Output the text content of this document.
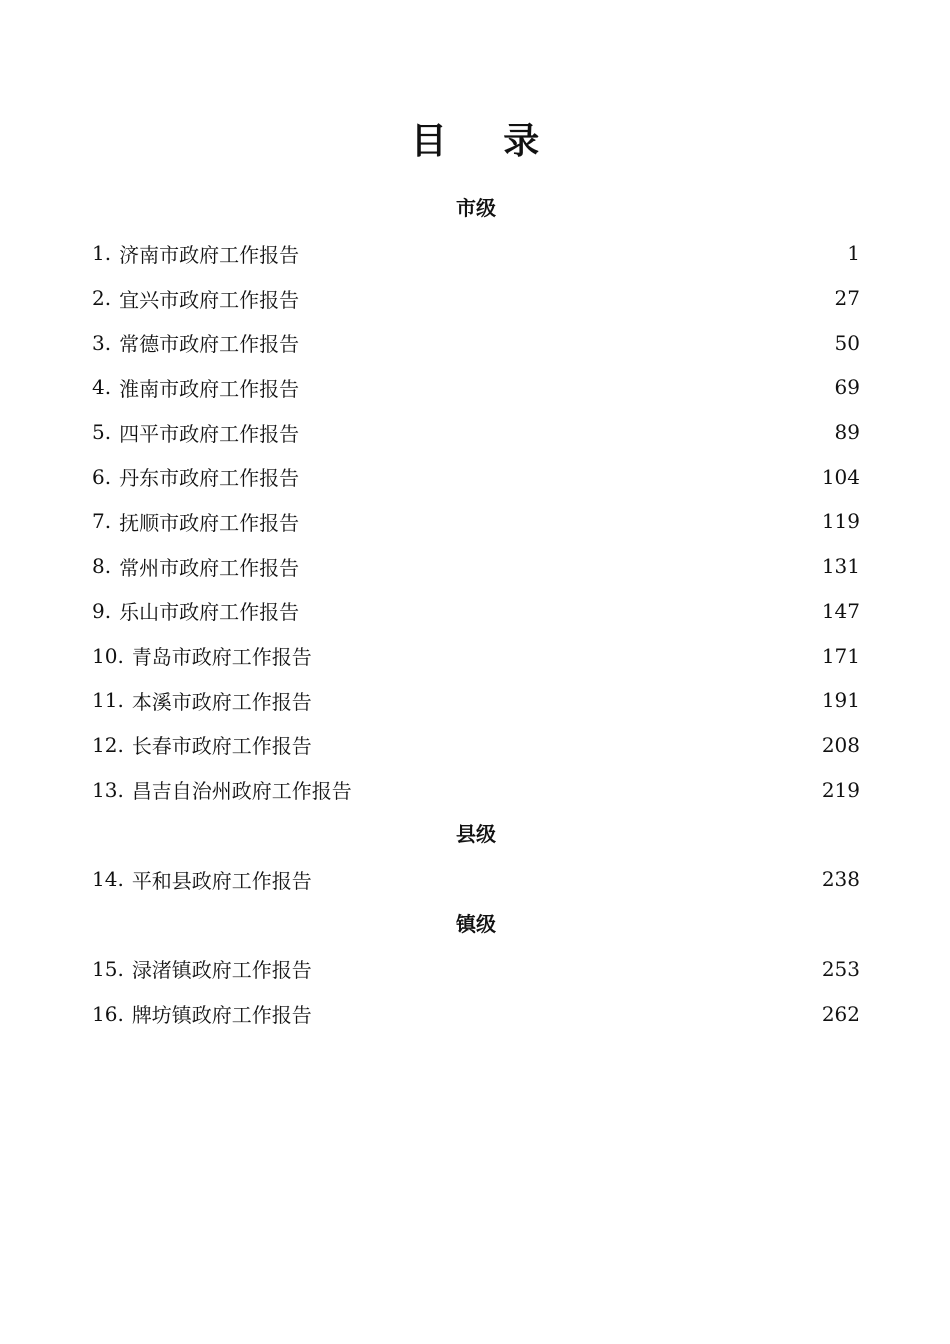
目 录
市级
1. 济南市政府工作报告	1
2. 宜兴市政府工作报告	27
3. 常德市政府工作报告	50
4. 淮南市政府工作报告	69
5. 四平市政府工作报告	89
6. 丹东市政府工作报告	104
7. 抚顺市政府工作报告	119
8. 常州市政府工作报告	131
9. 乐山市政府工作报告	147
10. 青岛市政府工作报告	171
11. 本溪市政府工作报告	191
12. 长春市政府工作报告	208
13. 昌吉自治州政府工作报告	219
县级
14. 平和县政府工作报告	238
镇级
15. 渌渚镇政府工作报告	253
16. 牌坊镇政府工作报告	262
